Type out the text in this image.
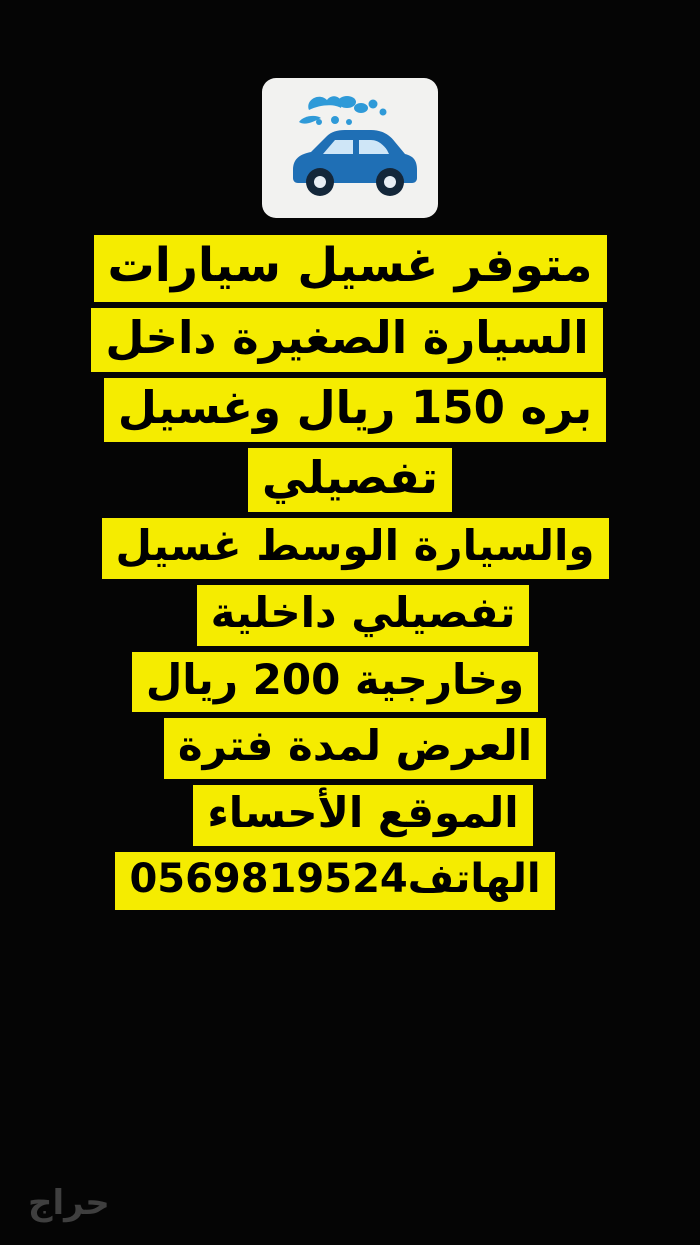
متوفر غسيل سيارات
السيارة الصغيرة داخل
بره 150 ريال وغسيل
تفصيلي
والسيارة الوسط غسيل
تفصيلي داخلية
وخارجية 200 ريال
العرض لمدة فترة
الموقع الأحساء
الهاتف0569819524
حراج
